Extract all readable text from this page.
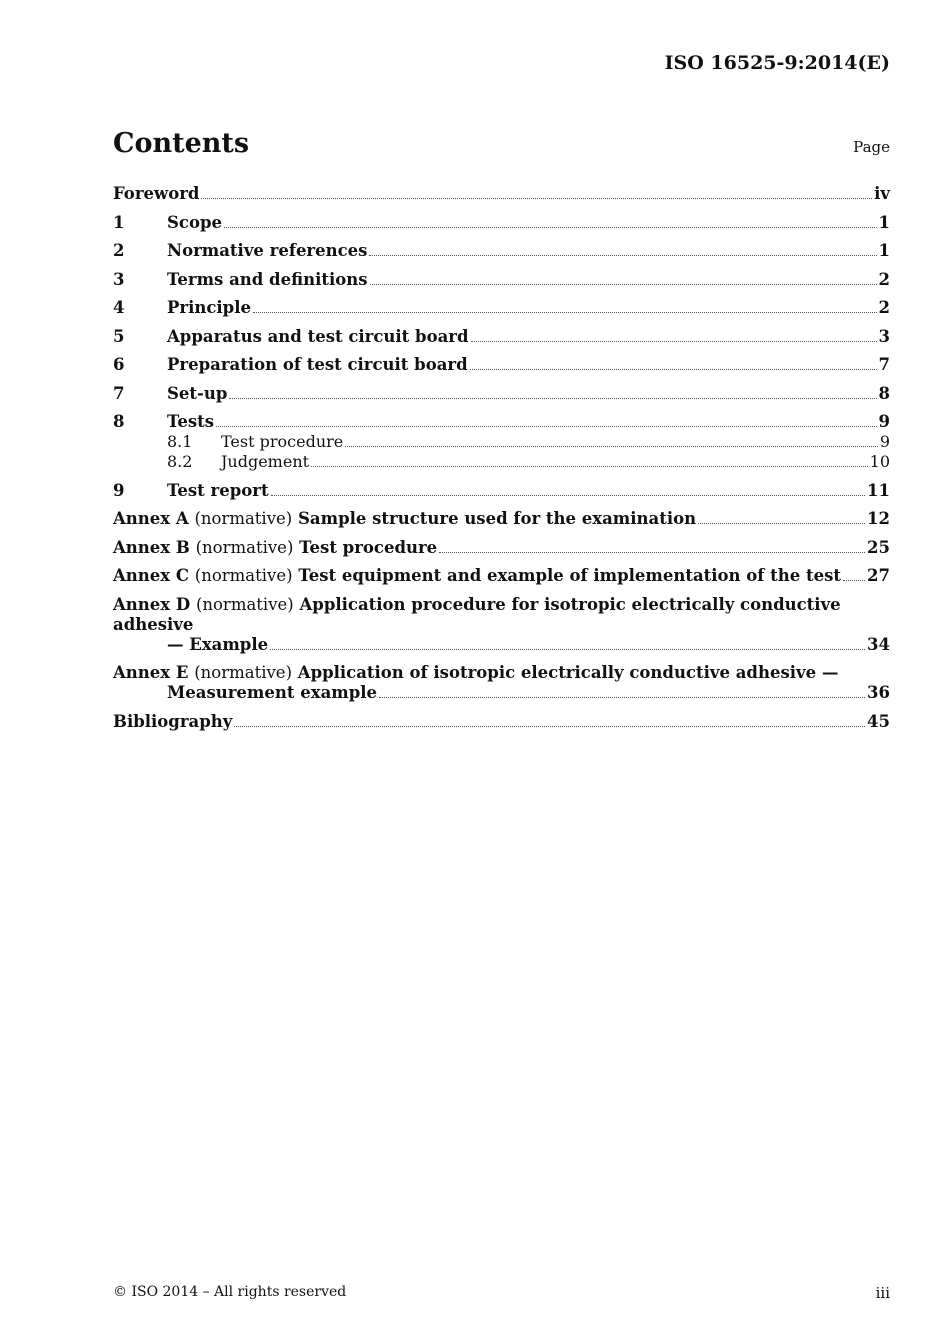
ISO 16525-9:2014(E)
Contents	Page
Foreword	iv
1	Scope	1
2	Normative references	1
3	Terms and definitions	2
4	Principle	2
5	Apparatus and test circuit board	3
6	Preparation of test circuit board	7
7	Set-up	8
8	Tests	9
8.1	Test procedure	9
8.2	Judgement	10
9	Test report	11
Annex A (normative) Sample structure used for the examination	12
Annex B (normative) Test procedure	25
Annex C (normative) Test equipment and example of implementation of the test 27
Annex D (normative) Application procedure for isotropic electrically conductive adhesive
— Example	34
Annex E (normative) Application of isotropic electrically conductive adhesive —
Measurement example	36
Bibliography	45
© ISO 2014 – All rights reserved	iii
